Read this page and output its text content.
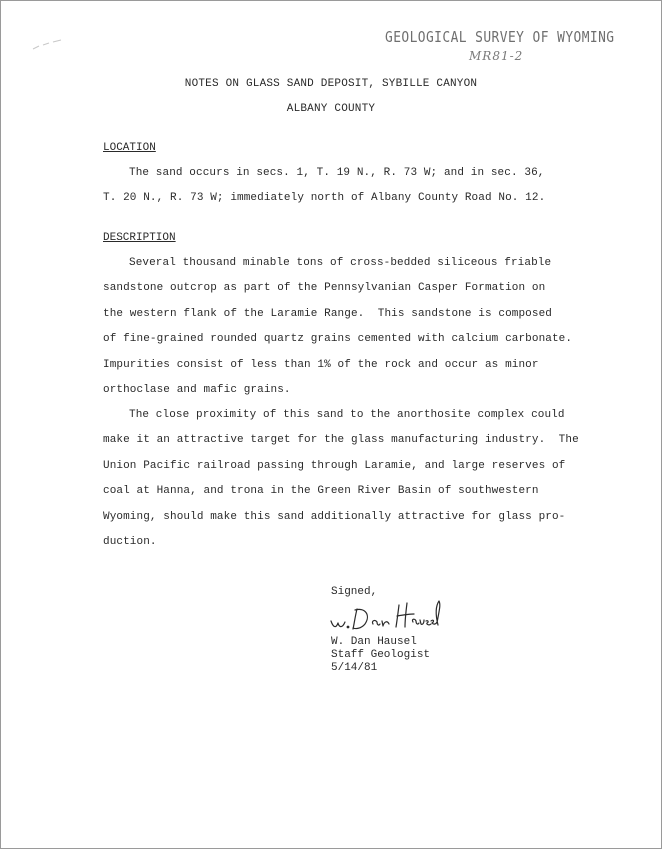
GEOLOGICAL SURVEY OF WYOMING
MR81-2
NOTES ON GLASS SAND DEPOSIT, SYBILLE CANYON
ALBANY COUNTY
LOCATION
The sand occurs in secs. 1, T. 19 N., R. 73 W; and in sec. 36,
T. 20 N., R. 73 W; immediately north of Albany County Road No. 12.
DESCRIPTION
Several thousand minable tons of cross-bedded siliceous friable
sandstone outcrop as part of the Pennsylvanian Casper Formation on
the western flank of the Laramie Range.  This sandstone is composed
of fine-grained rounded quartz grains cemented with calcium carbonate.
Impurities consist of less than 1% of the rock and occur as minor
orthoclase and mafic grains.
The close proximity of this sand to the anorthosite complex could
make it an attractive target for the glass manufacturing industry.  The
Union Pacific railroad passing through Laramie, and large reserves of
coal at Hanna, and trona in the Green River Basin of southwestern
Wyoming, should make this sand additionally attractive for glass pro-
duction.
Signed,
W. Dan Hausel
Staff Geologist
5/14/81
